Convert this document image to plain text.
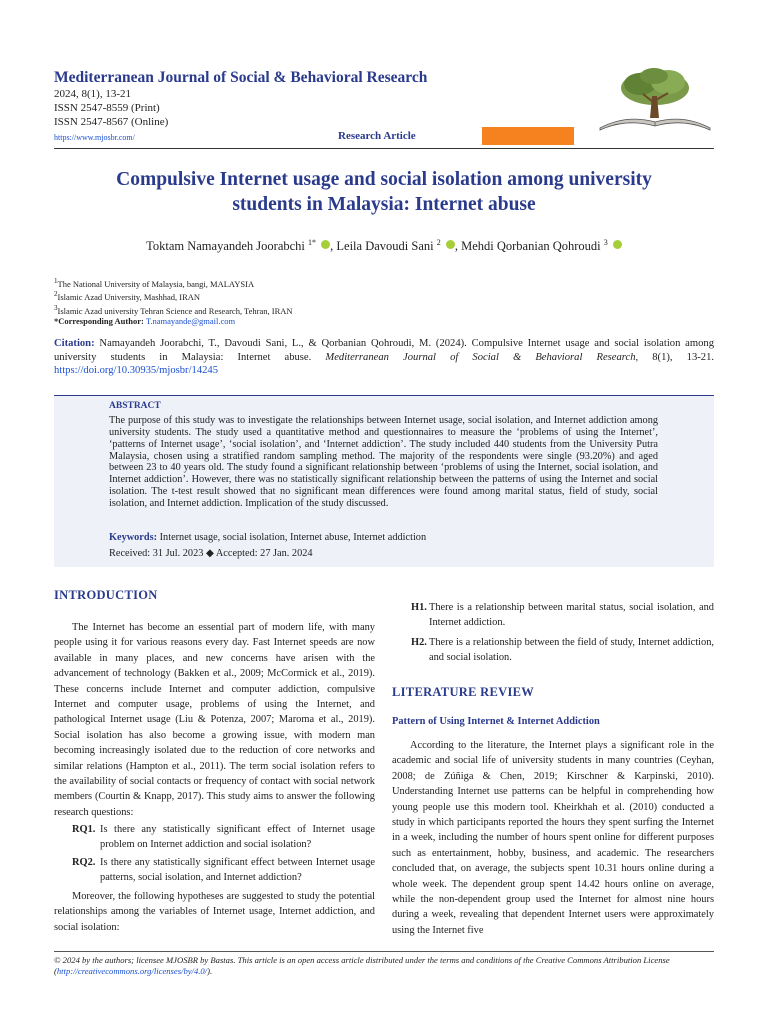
Mediterranean Journal of Social & Behavioral Research
2024, 8(1), 13-21
ISSN 2547-8559 (Print)
ISSN 2547-8567 (Online)
https://www.mjosbr.com/	Research Article
Compulsive Internet usage and social isolation among university
students in Malaysia: Internet abuse
Toktam Namayandeh Joorabchi $^{1*}$ , Leila Davoudi Sani $^2$ , Mehdi Qorbanian Qohroudi $^3$
$^1$The National University of Malaysia, bangi, MALAYSIA
$^2$Islamic Azad University, Mashhad, IRAN
$^3$Islamic Azad university Tehran Science and Research, Tehran, IRAN
*Corresponding Author: T.namayande@gmail.com
Citation: Namayandeh Joorabchi, T., Davoudi Sani, L., & Qorbanian Qohroudi, M. (2024). Compulsive Internet usage and social isolation among university students in Malaysia: Internet abuse. Mediterranean Journal of Social & Behavioral Research, 8(1), 13-21. https://doi.org/10.30935/mjosbr/14245
ABSTRACT
The purpose of this study was to investigate the relationships between Internet usage, social isolation, and Internet addiction among university students. The study used a quantitative method and questionnaires to measure the ‘problems of using the Internet’, ‘patterns of Internet usage’, ‘social isolation’, and ‘Internet addiction’. The study included 440 students from the University Putra Malaysia, chosen using a stratified random sampling method. The majority of the respondents were single (93.20%) and aged between 23 to 40 years old. The study found a significant relationship between ‘problems of using the Internet, social isolation, and Internet addiction’. However, there was no statistically significant relationship between the patterns of using the Internet and social isolation. The t-test result showed that no significant mean differences were found among marital status, field of study, social isolation, and Internet addiction. Implication of the study discussed.
Keywords: Internet usage, social isolation, Internet abuse, Internet addiction
Received: 31 Jul. 2023 ◆ Accepted: 27 Jan. 2024
INTRODUCTION
The Internet has become an essential part of modern life, with many people using it for various reasons every day. Fast Internet speeds are now available in many places, and new concerns have arisen with the advancement of technology (Bakken et al., 2009; McCormick et al., 2019). These concerns include Internet and computer addiction, compulsive Internet and computer usage, problems of using the Internet, and pathological Internet usage (Liu & Potenza, 2007; Maroma et al., 2019). Social isolation has also become a growing issue, with modern man becoming increasingly isolated due to the reduction of core networks and similar relations (Hampton et al., 2011). The term social isolation refers to the availability of social contacts or frequency of contact with social network members (Courtin & Knapp, 2017). This study aims to answer the following research questions:
RQ1. Is there any statistically significant effect of Internet usage problem on Internet addiction and social isolation?
RQ2. Is there any statistically significant effect between Internet usage patterns, social isolation, and Internet addiction?
Moreover, the following hypotheses are suggested to study the potential relationships among the variables of Internet usage, Internet addiction, and social isolation:
H1. There is a relationship between marital status, social isolation, and Internet addiction.
H2. There is a relationship between the field of study, Internet addiction, and social isolation.
LITERATURE REVIEW
Pattern of Using Internet & Internet Addiction
According to the literature, the Internet plays a significant role in the academic and social life of university students in many countries (Ceyhan, 2008; de Zúñiga & Chen, 2019; Kirschner & Karpinski, 2010). Understanding Internet use patterns can be helpful in comprehending how young people use this modern tool. Kheirkhah et al. (2010) conducted a study in which participants reported the hours they spent surfing the Internet in a week, including the number of hours spent online for different purposes such as entertainment, hobby, business, and academic. The researchers concluded that, on average, the subjects spent 10.31 hours online during a whole week. The dependent group spent 14.42 hours online on average, while the non-dependent group used the Internet for almost nine hours during a week, revealing that dependent Internet users were approximately using the Internet five
© 2024 by the authors; licensee MJOSBR by Bastas. This article is an open access article distributed under the terms and conditions of the Creative Commons Attribution License (http://creativecommons.org/licenses/by/4.0/).
